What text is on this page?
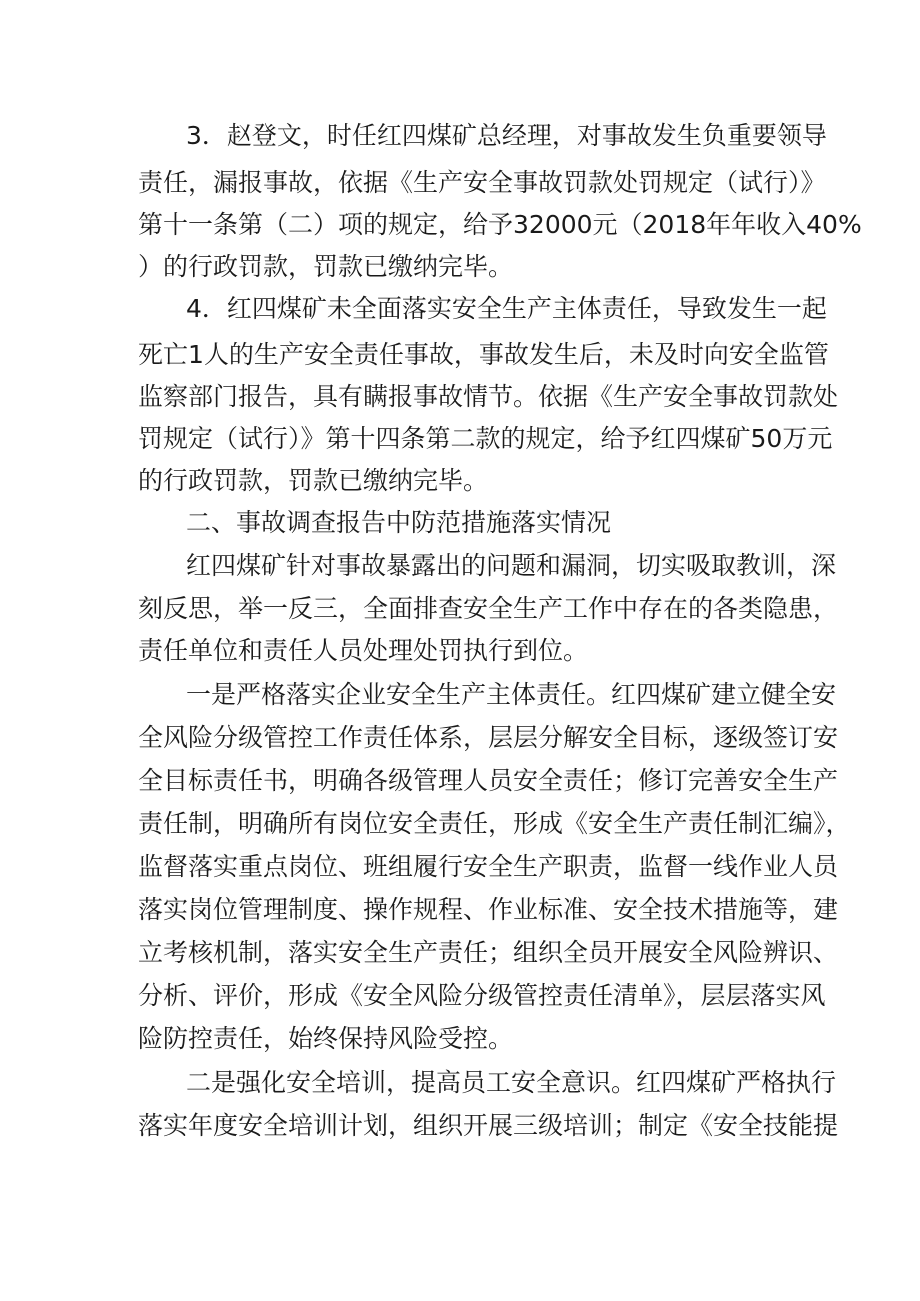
3．赵登文，时任红四煤矿总经理，对事故发生负重要领导

责任，漏报事故，依据《生产安全事故罚款处罚规定（试行）》

第十一条第（二）项的规定，给予32000元（2018年年收入40%

）的行政罚款，罚款已缴纳完毕。

4．红四煤矿未全面落实安全生产主体责任，导致发生一起

死亡1人的生产安全责任事故，事故发生后，未及时向安全监管

监察部门报告，具有瞒报事故情节。依据《生产安全事故罚款处

罚规定（试行）》第十四条第二款的规定，给予红四煤矿50万元

的行政罚款，罚款已缴纳完毕。

二、事故调查报告中防范措施落实情况

红四煤矿针对事故暴露出的问题和漏洞，切实吸取教训，深

刻反思，举一反三，全面排查安全生产工作中存在的各类隐患，

责任单位和责任人员处理处罚执行到位。

一是严格落实企业安全生产主体责任。红四煤矿建立健全安

全风险分级管控工作责任体系，层层分解安全目标，逐级签订安

全目标责任书，明确各级管理人员安全责任；修订完善安全生产

责任制，明确所有岗位安全责任，形成《安全生产责任制汇编》，

监督落实重点岗位、班组履行安全生产职责，监督一线作业人员

落实岗位管理制度、操作规程、作业标准、安全技术措施等，建

立考核机制，落实安全生产责任；组织全员开展安全风险辨识、

分析、评价，形成《安全风险分级管控责任清单》，层层落实风

险防控责任，始终保持风险受控。

二是强化安全培训，提高员工安全意识。红四煤矿严格执行

落实年度安全培训计划，组织开展三级培训；制定《安全技能提
